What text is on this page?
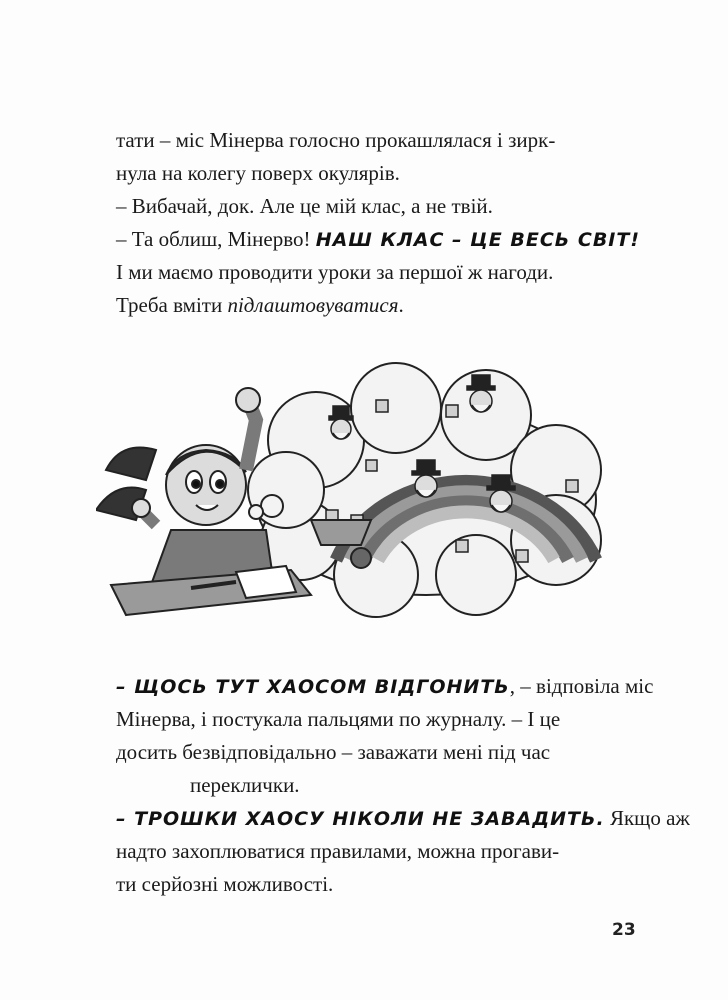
тати – міс Мінерва голосно прокашлялася і зирк-

нула на колегу поверх окулярів.

– Вибачай, док. Але це мій клас, а не твій.

– Та облиш, Мінерво! НАШ КЛАС – ЦЕ ВЕСЬ СВІТ!

І ми маємо проводити уроки за першої ж нагоди.

Треба вміти підлаштовуватися.

– ЩОСЬ ТУТ ХАОСОМ ВІДГОНИТЬ, – відповіла міс

Мінерва, і постукала пальцями по журналу. – І це

досить безвідповідально – заважати мені під час

переклички.

– ТРОШКИ ХАОСУ НІКОЛИ НЕ ЗАВАДИТЬ. Якщо аж

надто захоплюватися правилами, можна прогави-

ти серйозні можливості.

23
